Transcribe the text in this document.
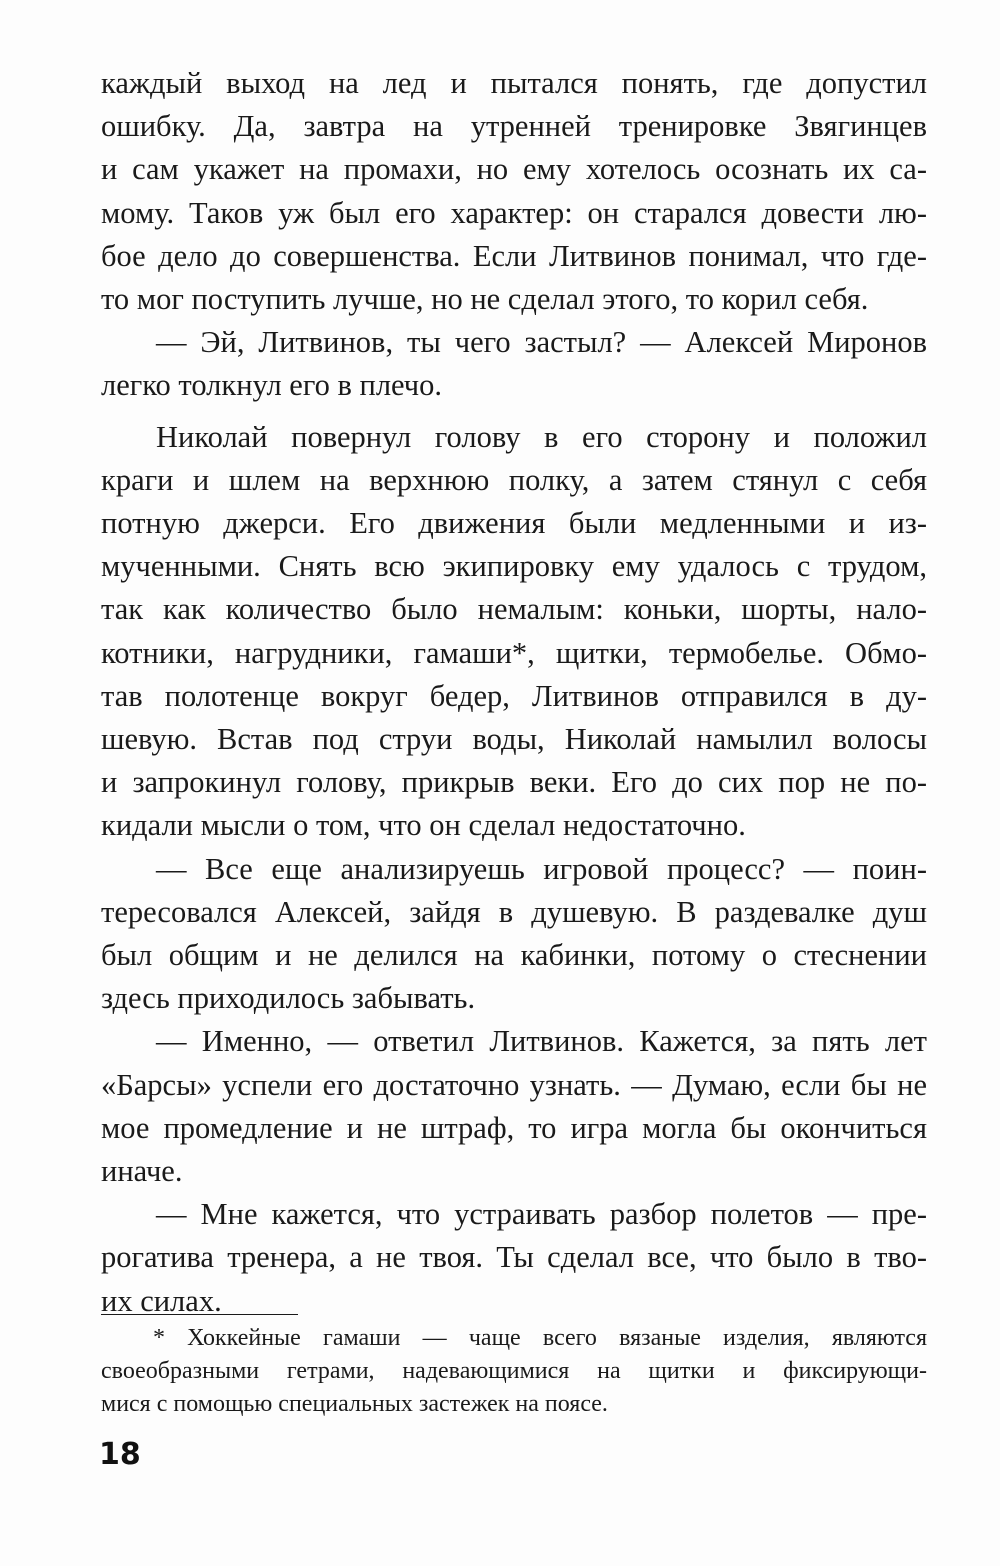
каждый выход на лед и пытался понять, где допустил
ошибку. Да, завтра на утренней тренировке Звягинцев
и сам укажет на промахи, но ему хотелось осознать их са-
мому. Таков уж был его характер: он старался довести лю-
бое дело до совершенства. Если Литвинов понимал, что где-
то мог поступить лучше, но не сделал этого, то корил себя.
— Эй, Литвинов, ты чего застыл? — Алексей Миронов
легко толкнул его в плечо.
Николай повернул голову в его сторону и положил
краги и шлем на верхнюю полку, а затем стянул с себя
потную джерси. Его движения были медленными и из-
мученными. Снять всю экипировку ему удалось с трудом,
так как количество было немалым: коньки, шорты, нало-
котники, нагрудники, гамаши*, щитки, термобелье. Обмо-
тав полотенце вокруг бедер, Литвинов отправился в ду-
шевую. Встав под струи воды, Николай намылил волосы
и запрокинул голову, прикрыв веки. Его до сих пор не по-
кидали мысли о том, что он сделал недостаточно.
— Все еще анализируешь игровой процесс? — поин-
тересовался Алексей, зайдя в душевую. В раздевалке душ
был общим и не делился на кабинки, потому о стеснении
здесь приходилось забывать.
— Именно, — ответил Литвинов. Кажется, за пять лет
«Барсы» успели его достаточно узнать. — Думаю, если бы не
мое промедление и не штраф, то игра могла бы окончиться
иначе.
— Мне кажется, что устраивать разбор полетов — пре-
рогатива тренера, а не твоя. Ты сделал все, что было в тво-
их силах.
* Хоккейные гамаши — чаще всего вязаные изделия, являются
своеобразными гетрами, надевающимися на щитки и фиксирующи-
мися с помощью специальных застежек на поясе.
18
